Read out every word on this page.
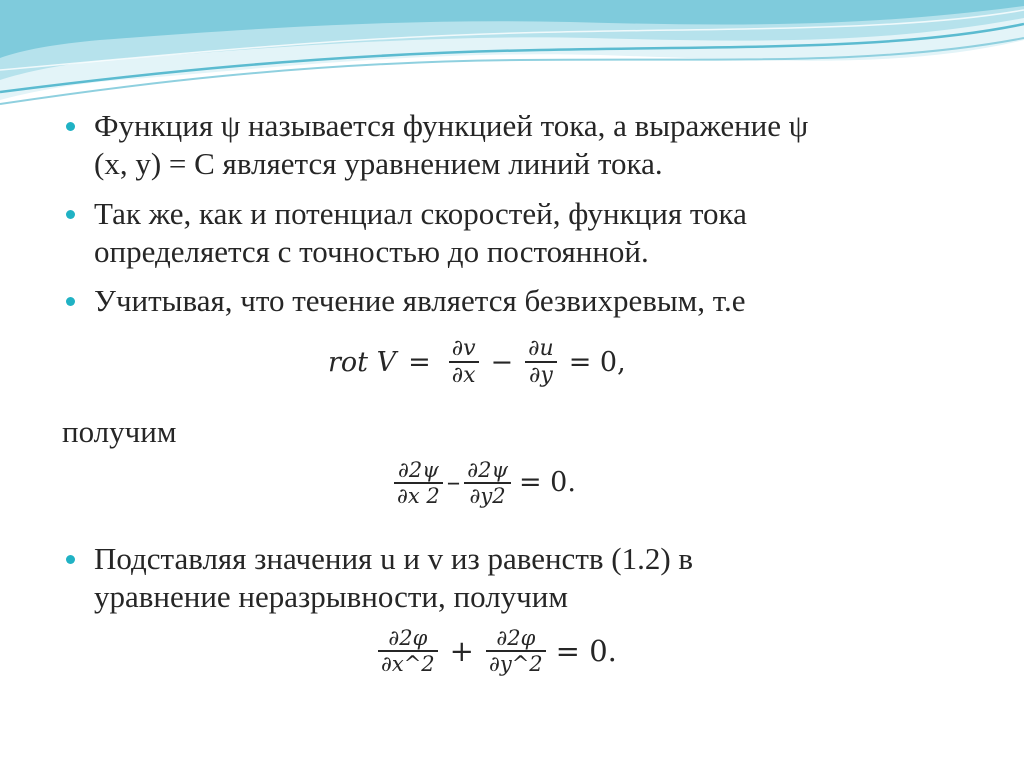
Функция ψ называется функцией тока, а выражение ψ
(x, y) = С является уравнением линий тока.
Так же, как и потенциал скоростей, функция тока
определяется с точностью до постоянной.
Учитывая, что течение является безвихревым, т.е
rot $V = \frac{\partial v}{\partial x} - \frac{\partial u}{\partial y} = 0$,
получим
$\frac{\partial 2\psi}{\partial x 2} - \frac{\partial 2\psi}{\partial y2} = 0$.
Подставляя значения u и v из равенств (1.2) в
уравнение неразрывности, получим
$\frac{\partial 2\varphi}{\partial x\^{}2} + \frac{\partial 2\varphi}{\partial y\^{}2} = 0$.
